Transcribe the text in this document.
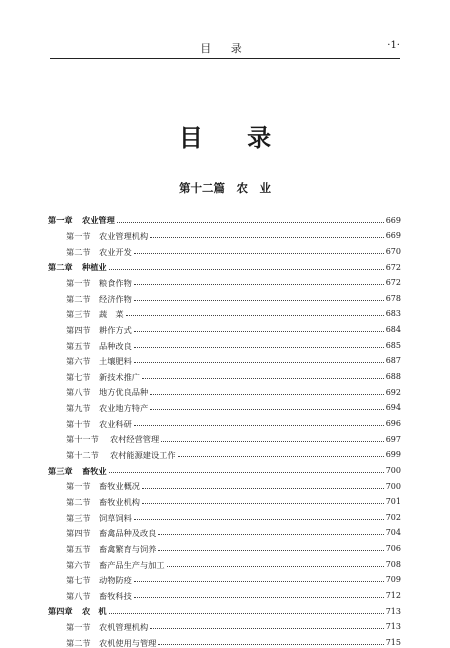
目 录	·1·
目 录
第十二篇　农　业
第一章 农业管理	669
第一节 农业管理机构	669
第二节 农业开发	670
第二章 种植业	672
第一节 粮食作物	672
第二节 经济作物	678
第三节 蔬　菜	683
第四节 耕作方式	684
第五节 品种改良	685
第六节 土壤肥料	687
第七节 新技术推广	688
第八节 地方优良品种	692
第九节 农业地方特产	694
第十节 农业科研	696
第十一节 农村经营管理	697
第十二节 农村能源建设工作	699
第三章 畜牧业	700
第一节 畜牧业概况	700
第二节 畜牧业机构	701
第三节 饲草饲料	702
第四节 畜禽品种及改良	704
第五节 畜禽繁育与饲养	706
第六节 畜产品生产与加工	708
第七节 动物防疫	709
第八节 畜牧科技	712
第四章 农　机	713
第一节 农机管理机构	713
第二节 农机使用与管理	715
